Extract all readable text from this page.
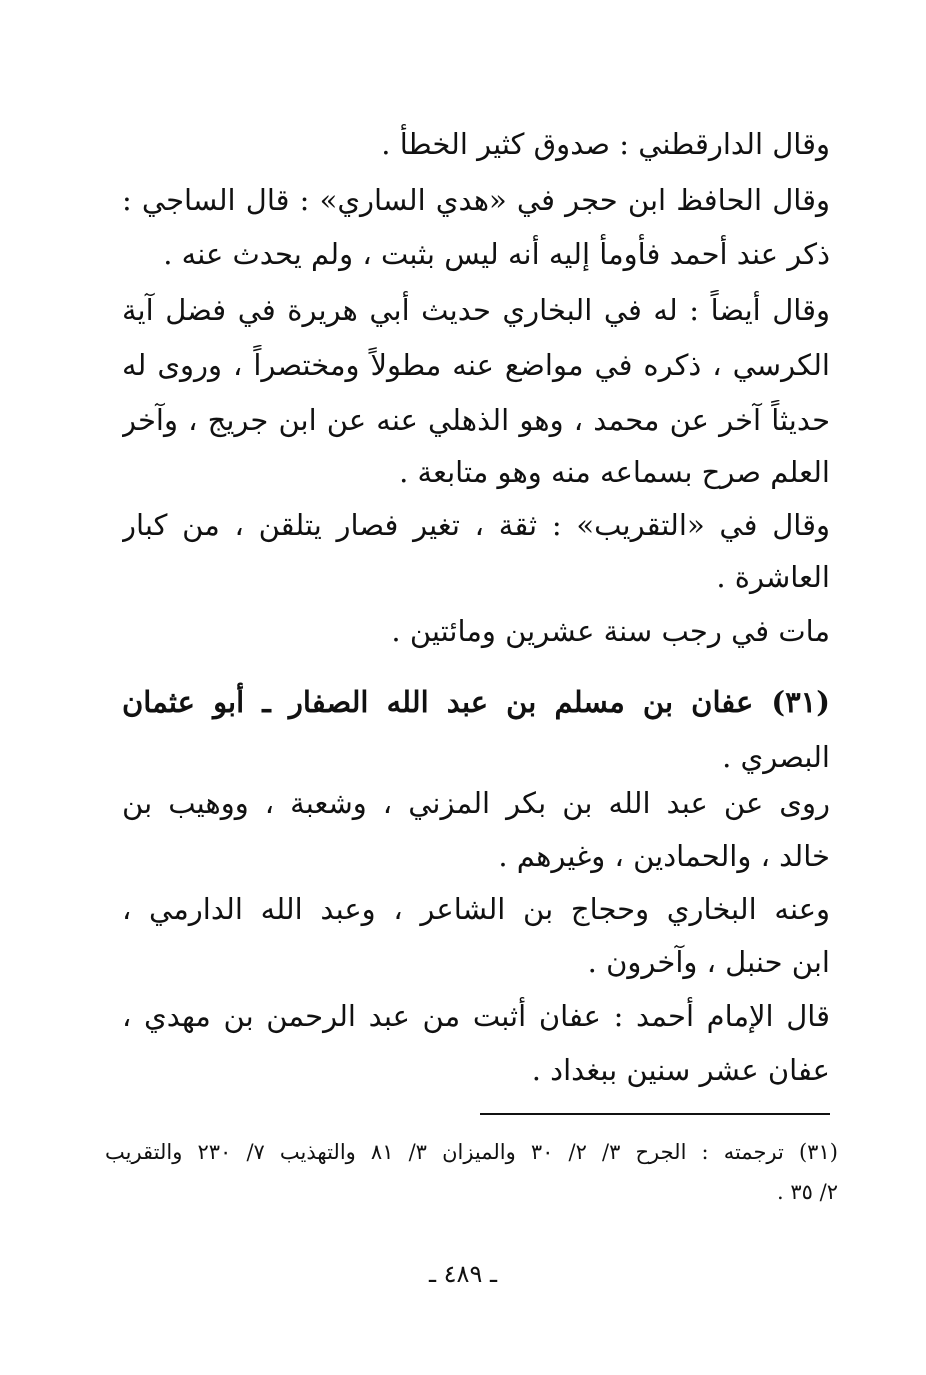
وقال الدارقطني : صدوق كثير الخطأ .
وقال الحافظ ابن حجر في «هدي الساري» : قال الساجي :
ذكر عند أحمد فأومأ إليه أنه ليس بثبت ، ولم يحدث عنه .
وقال أيضاً : له في البخاري حديث أبي هريرة في فضل آية
الكرسي ، ذكره في مواضع عنه مطولاً ومختصراً ، وروى له
حديثاً آخر عن محمد ، وهو الذهلي عنه عن ابن جريج ، وآخر
العلم صرح بسماعه منه وهو متابعة .
وقال في «التقريب» : ثقة ، تغير فصار يتلقن ، من كبار
العاشرة .
مات في رجب سنة عشرين ومائتين .
(٣١) عفان بن مسلم بن عبد الله الصفار ـ أبو عثمان
البصري .
روى عن عبد الله بن بكر المزني ، وشعبة ، ووهيب بن
خالد ، والحمادين ، وغيرهم .
وعنه البخاري وحجاج بن الشاعر ، وعبد الله الدارمي ،
ابن حنبل ، وآخرون .
قال الإمام أحمد : عفان أثبت من عبد الرحمن بن مهدي ،
عفان عشر سنين ببغداد .
(٣١) ترجمته : الجرح ٣/ ٢/ ٣٠ والميزان ٣/ ٨١ والتهذيب ٧/ ٢٣٠ والتقريب
٢/ ٣٥ .
ـ ٤٨٩ ـ
